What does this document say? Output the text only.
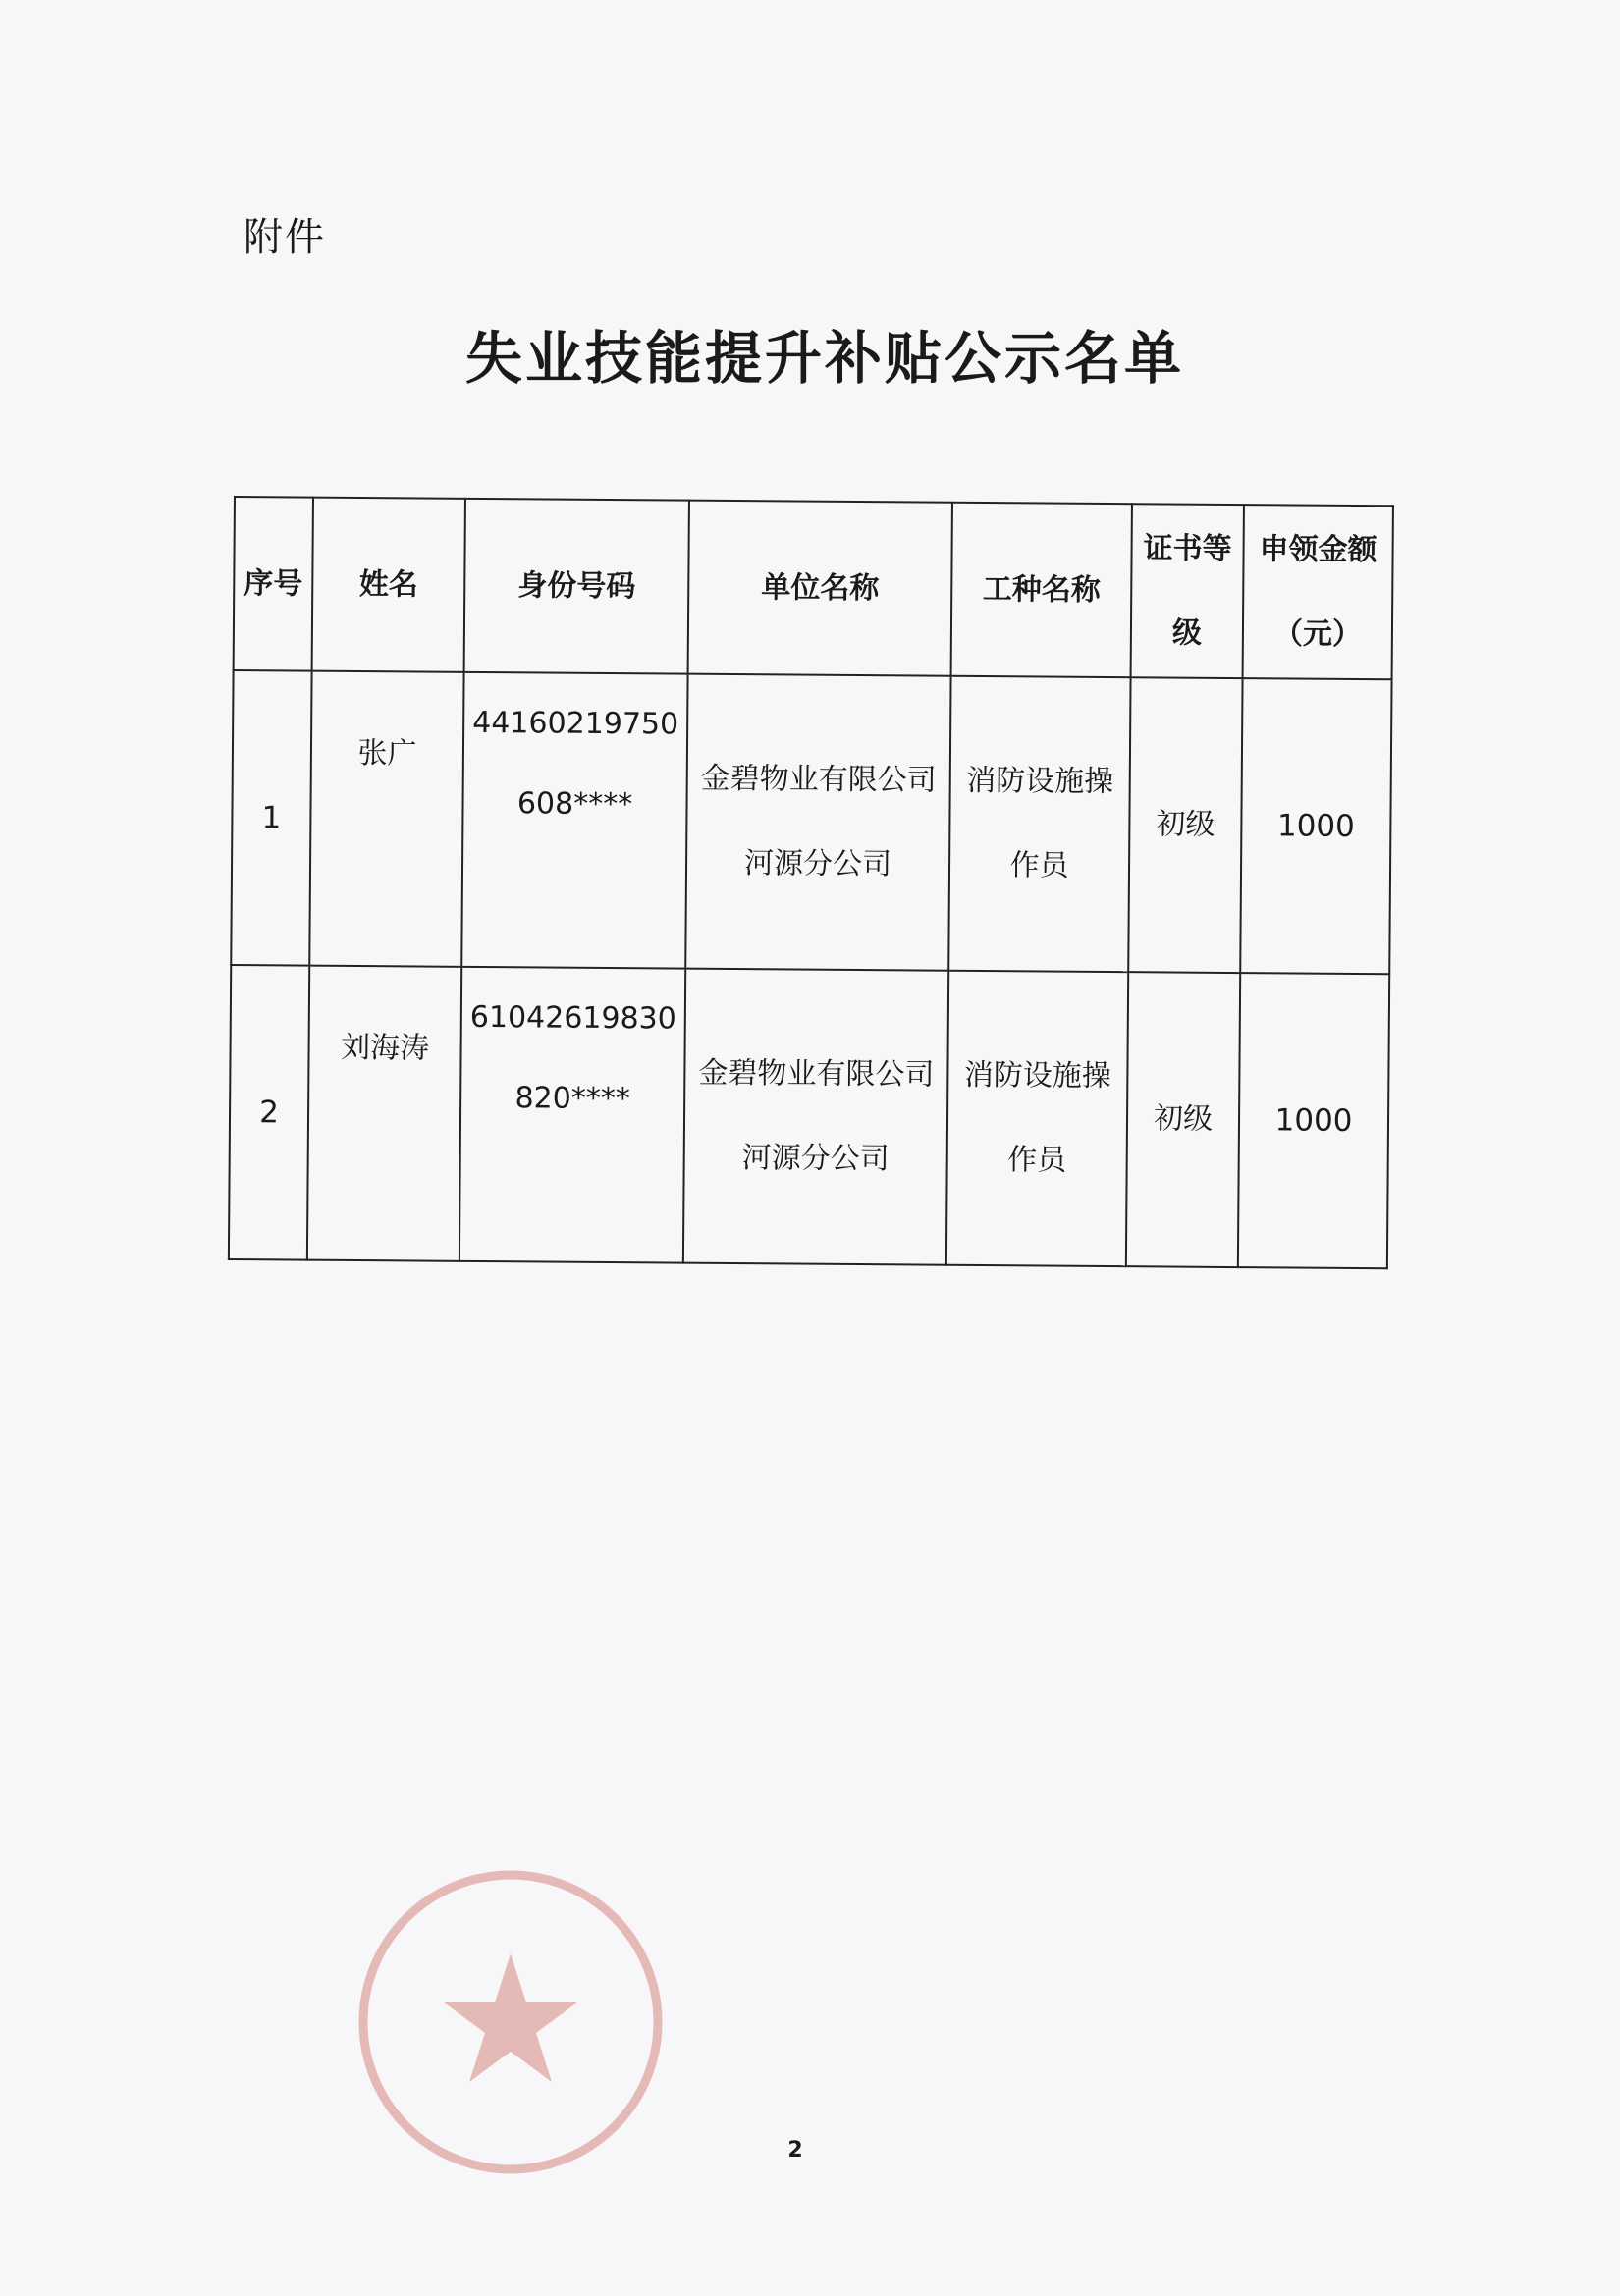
附件
失业技能提升补贴公示名单
序号	姓名	身份号码	单位名称	工种名称	证书等级	申领金额（元）
1	张广	44160219750608****	金碧物业有限公司河源分公司	消防设施操作员	初级	1000
2	刘海涛	61042619830820****	金碧物业有限公司河源分公司	消防设施操作员	初级	1000
2
